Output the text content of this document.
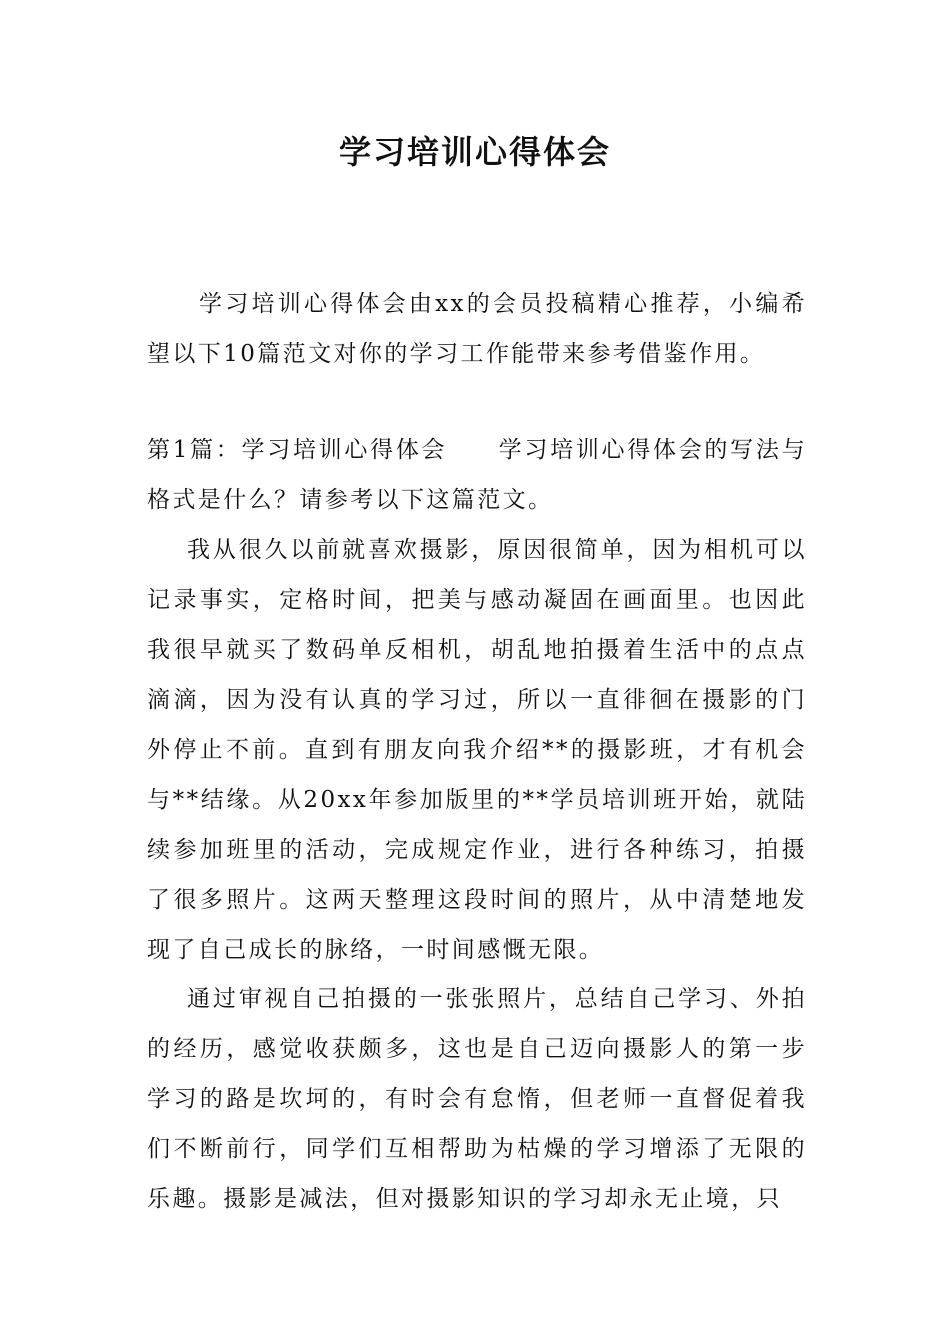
学习培训心得体会

学习培训心得体会由xx的会员投稿精心推荐，小编希望以下10篇范文对你的学习工作能带来参考借鉴作用。

第1篇：学习培训心得体会　　学习培训心得体会的写法与格式是什么？请参考以下这篇范文。

我从很久以前就喜欢摄影，原因很简单，因为相机可以记录事实，定格时间，把美与感动凝固在画面里。也因此我很早就买了数码单反相机，胡乱地拍摄着生活中的点点滴滴，因为没有认真的学习过，所以一直徘徊在摄影的门外停止不前。直到有朋友向我介绍**的摄影班，才有机会与**结缘。从20xx年参加版里的**学员培训班开始，就陆续参加班里的活动，完成规定作业，进行各种练习，拍摄了很多照片。这两天整理这段时间的照片，从中清楚地发现了自己成长的脉络，一时间感慨无限。

通过审视自己拍摄的一张张照片，总结自己学习、外拍的经历，感觉收获颇多，这也是自己迈向摄影人的第一步学习的路是坎坷的，有时会有怠惰，但老师一直督促着我们不断前行，同学们互相帮助为枯燥的学习增添了无限的乐趣。摄影是减法，但对摄影知识的学习却永无止境，只
